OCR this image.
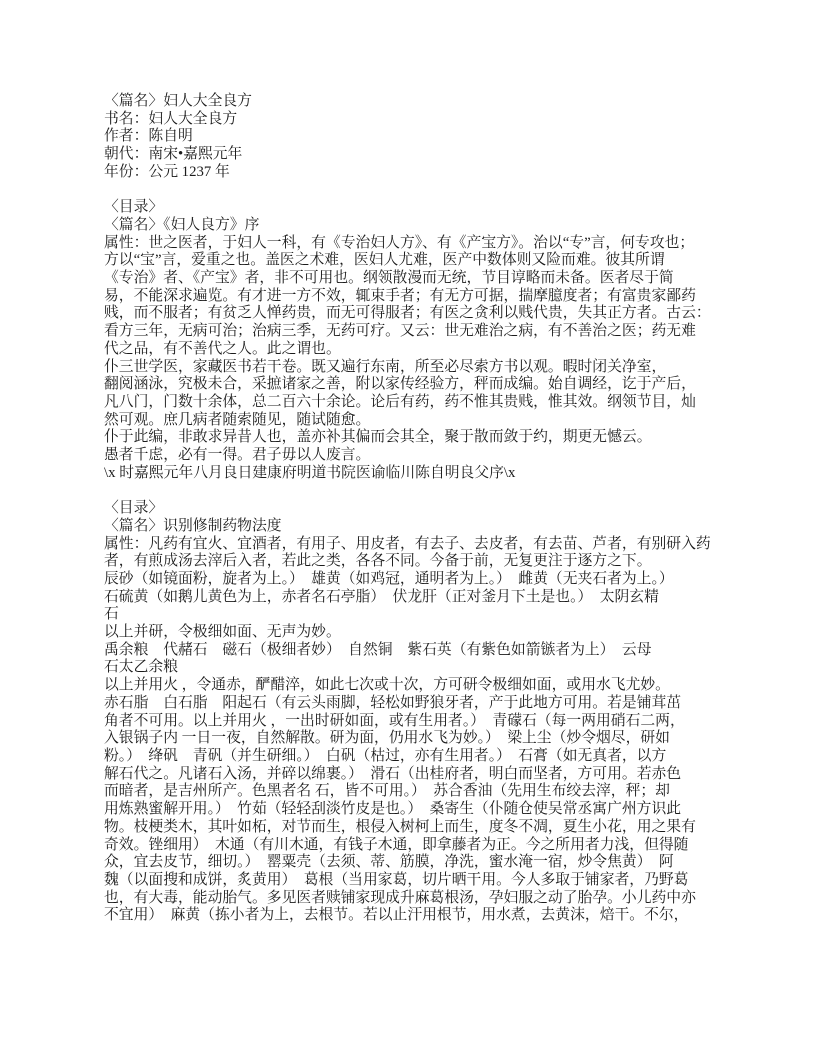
〈篇名〉妇人大全良方
书名：妇人大全良方
作者：陈自明
朝代：南宋•嘉熙元年
年份：公元 1237 年
〈目录〉
〈篇名〉《妇人良方》序
属性：世之医者，于妇人一科，有《专治妇人方》、有《产宝方》。治以“专”言，何专攻也；
方以“宝”言，爱重之也。盖医之术难，医妇人尤难，医产中数体则又险而难。彼其所谓
《专治》者、《产宝》者，非不可用也。纲领散漫而无统，节目谆略而未备。医者尽于简
易，不能深求遍览。有才进一方不效，辄束手者；有无方可据，揣摩臆度者；有富贵家鄙药
贱，而不服者；有贫乏人惮药贵，而无可得服者；有医之贪利以贱代贵，失其正方者。古云：
看方三年，无病可治；治病三季，无药可疗。又云：世无难治之病，有不善治之医；药无难
代之品，有不善代之人。此之谓也。
仆三世学医，家藏医书若干卷。既又遍行东南，所至必尽索方书以观。暇时闭关净室，
翻阅涵泳，究极未合，采摭诸家之善，附以家传经验方，秤而成编。始自调经，讫于产后，
凡八门，门数十余体，总二百六十余论。论后有药，药不惟其贵贱，惟其效。纲领节目，灿
然可观。庶几病者随索随见，随试随愈。
仆于此编，非敢求异昔人也，盖亦补其偏而会其全，聚于散而敛于约，期更无憾云。
愚者千虑，必有一得。君子毋以人废言。
\x 时嘉熙元年八月良日建康府明道书院医谕临川陈自明良父序\x
〈目录〉
〈篇名〉识别修制药物法度
属性：凡药有宜火、宜酒者，有用子、用皮者，有去子、去皮者，有去苗、芦者，有别研入药
者，有煎成汤去滓后入者，若此之类，各各不同。今备于前，无复更注于逐方之下。
辰砂（如镜面粉，旋者为上。）　雄黄（如鸡冠，通明者为上。）　雌黄（无夹石者为上。）
石硫黄（如鹅儿黄色为上，赤者名石亭脂）　伏龙肝（正对釜月下土是也。）　太阴玄精
石
以上并研，令极细如面、无声为妙。
禹余粮　代赭石　磁石（极细者妙）　自然铜　紫石英（有紫色如箭镞者为上）　云母
石太乙余粮
以上并用火 ，令通赤，酽醋淬，如此七次或十次，方可研令极细如面，或用水飞尤妙。
赤石脂　白石脂　阳起石（有云头雨脚，轻松如野狼牙者，产于此地方可用。若是铺茸茁
角者不可用。以上并用火 ，一出时研如面，或有生用者。）　青礞石（每一两用硝石二两，
入银锅子内 一日一夜，自然解散。研为面，仍用水飞为妙。）　梁上尘（炒令烟尽，研如
粉。）　绛矾　青矾（并生研细。）　白矾（枯过，亦有生用者。）　石膏（如无真者，以方
解石代之。凡诸石入汤，并碎以绵裹。）　滑石（出桂府者，明白而坚者，方可用。若赤色
而暗者，是吉州所产。色黑者名 石，皆不可用。）　苏合香油（先用生布绞去滓，秤；却
用炼熟蜜解开用。）　竹茹（轻轻刮淡竹皮是也。）　桑寄生（仆随仓使吴常丞寓广州方识此
物。枝梗类木，其叶如柘，对节而生，根侵入树柯上而生，度冬不凋，夏生小花，用之果有
奇效。锉细用）　木通（有川木通，有钱子木通，即拿藤者为正。今之所用者力浅，但得随
众，宜去皮节，细切。）　罂粟壳（去须、蒂、筋膜，净洗，蜜水淹一宿，炒令焦黄）　阿
魏（以面搜和成饼，炙黄用）　葛根（当用家葛，切片晒干用。今人多取于铺家者，乃野葛
也，有大毒，能动胎气。多见医者赎铺家现成升麻葛根汤，孕妇服之动了胎孕。小儿药中亦
不宜用）　麻黄（拣小者为上，去根节。若以止汗用根节，用水煮，去黄沫，焙干。不尔，
